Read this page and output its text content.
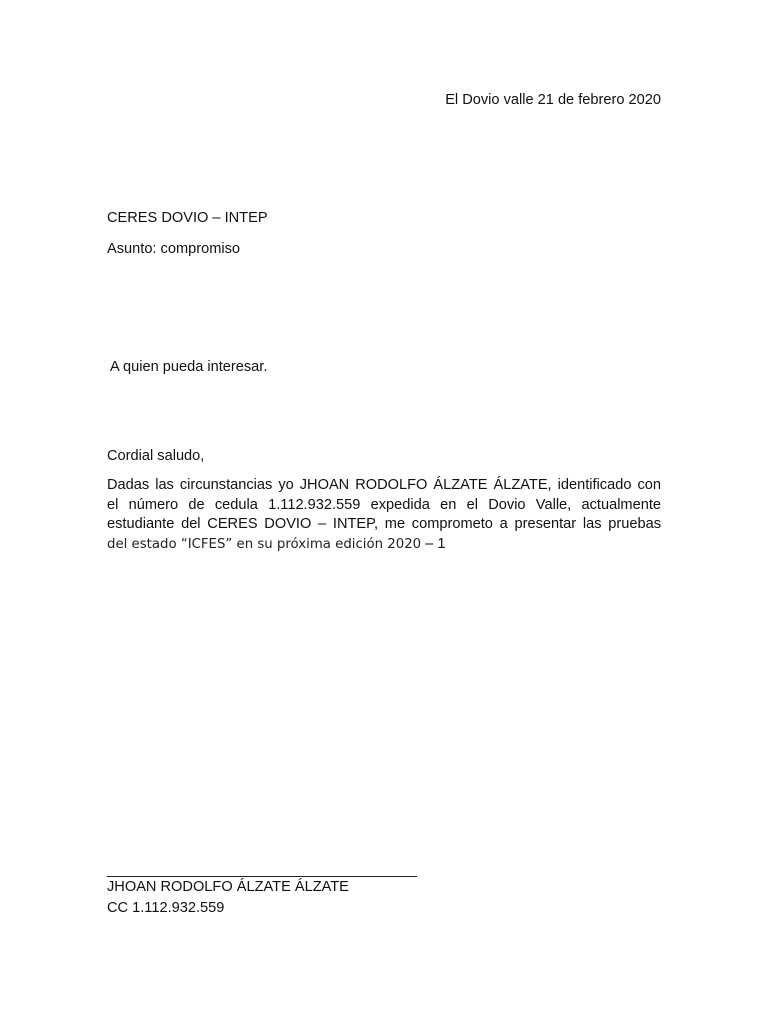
El Dovio valle 21 de febrero 2020
CERES DOVIO – INTEP
Asunto: compromiso
A quien pueda interesar.
Cordial saludo,
Dadas las circunstancias yo JHOAN RODOLFO ÁLZATE ÁLZATE, identificado con
el número de cedula 1.112.932.559 expedida en el Dovio Valle, actualmente
estudiante del CERES DOVIO – INTEP, me comprometo a presentar las pruebas
del estado “ICFES” en su próxima edición 2020 – 1
JHOAN RODOLFO ÁLZATE ÁLZATE
CC 1.112.932.559
